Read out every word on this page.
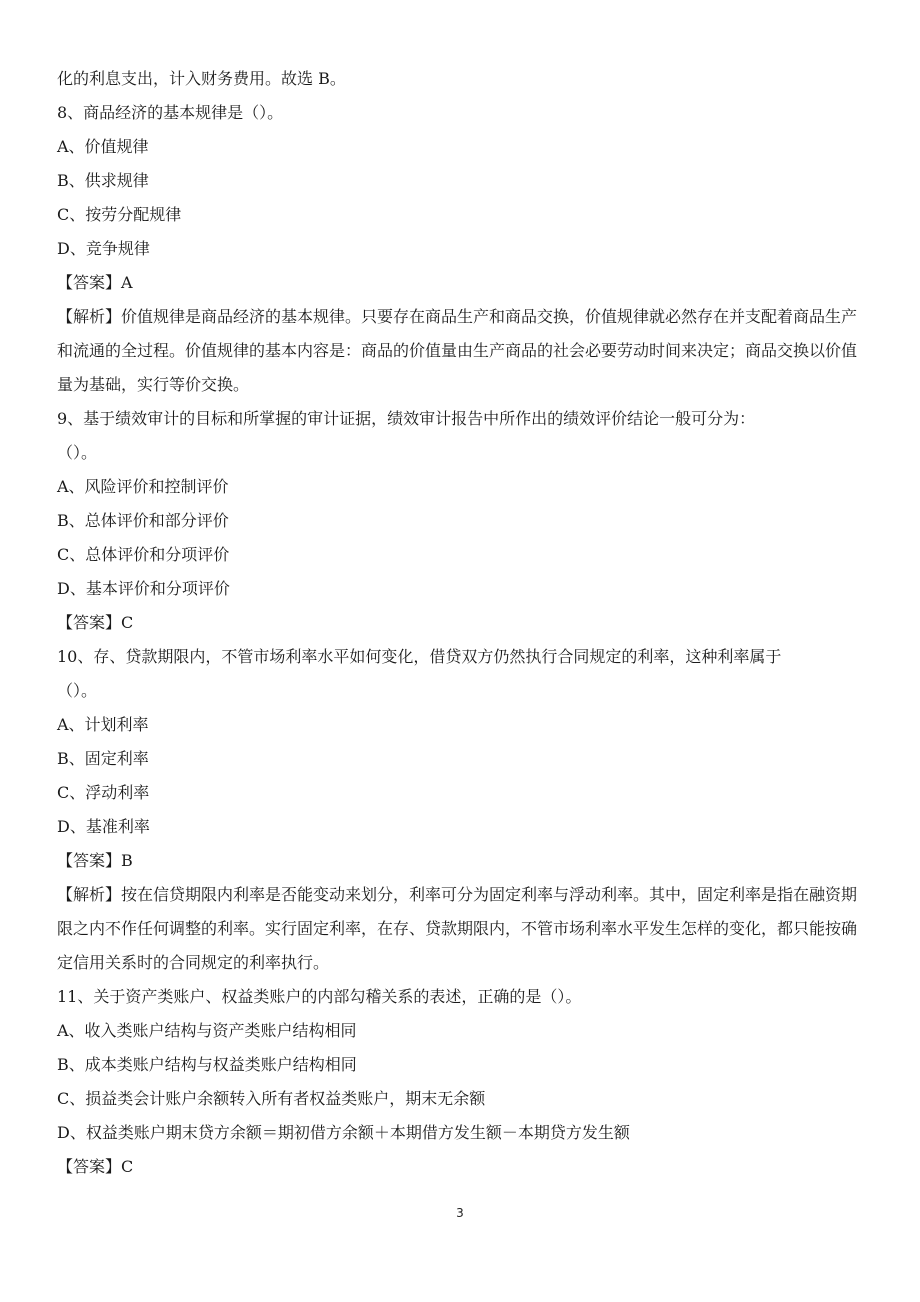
化的利息支出，计入财务费用。故选 B。
8、商品经济的基本规律是（）。
A、价值规律
B、供求规律
C、按劳分配规律
D、竞争规律
【答案】A
【解析】价值规律是商品经济的基本规律。只要存在商品生产和商品交换，价值规律就必然存在并支配着商品生产和流通的全过程。价值规律的基本内容是：商品的价值量由生产商品的社会必要劳动时间来决定；商品交换以价值量为基础，实行等价交换。
9、基于绩效审计的目标和所掌握的审计证据，绩效审计报告中所作出的绩效评价结论一般可分为：
（）。
A、风险评价和控制评价
B、总体评价和部分评价
C、总体评价和分项评价
D、基本评价和分项评价
【答案】C
10、存、贷款期限内，不管市场利率水平如何变化，借贷双方仍然执行合同规定的利率，这种利率属于
（）。
A、计划利率
B、固定利率
C、浮动利率
D、基准利率
【答案】B
【解析】按在信贷期限内利率是否能变动来划分，利率可分为固定利率与浮动利率。其中，固定利率是指在融资期限之内不作任何调整的利率。实行固定利率，在存、贷款期限内，不管市场利率水平发生怎样的变化，都只能按确定信用关系时的合同规定的利率执行。
11、关于资产类账户、权益类账户的内部勾稽关系的表述，正确的是（）。
A、收入类账户结构与资产类账户结构相同
B、成本类账户结构与权益类账户结构相同
C、损益类会计账户余额转入所有者权益类账户，期末无余额
D、权益类账户期末贷方余额＝期初借方余额＋本期借方发生额－本期贷方发生额
【答案】C
3
